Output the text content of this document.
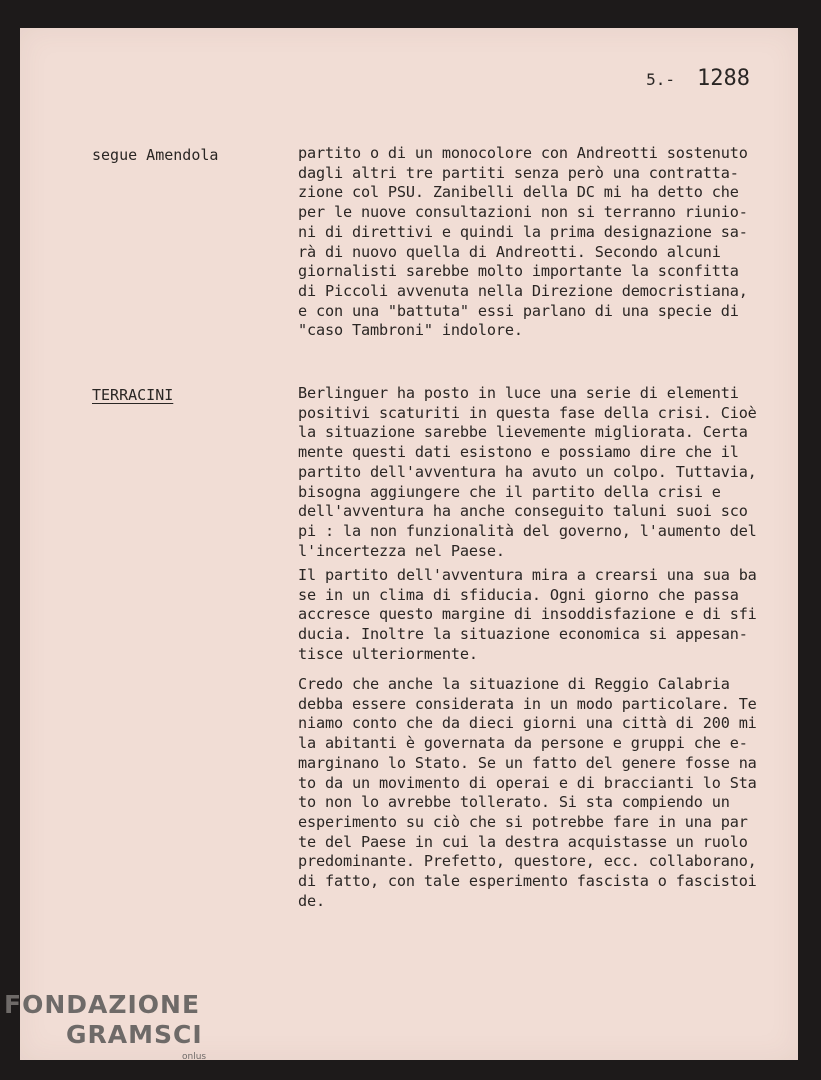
5.- 1288
segue Amendola	partito o di un monocolore con Andreotti sostenuto
dagli altri tre partiti senza però una contratta-
zione col PSU. Zanibelli della DC mi ha detto che
per le nuove consultazioni non si terranno riunio-
ni di direttivi e quindi la prima designazione sa-
rà di nuovo quella di Andreotti. Secondo alcuni
giornalisti sarebbe molto importante la sconfitta
di Piccoli avvenuta nella Direzione democristiana,
e con una "battuta" essi parlano di una specie di
"caso Tambroni" indolore.

TERRACINI	Berlinguer ha posto in luce una serie di elementi
positivi scaturiti in questa fase della crisi. Cioè
la situazione sarebbe lievemente migliorata. Certa
mente questi dati esistono e possiamo dire che il
partito dell'avventura ha avuto un colpo. Tuttavia,
bisogna aggiungere che il partito della crisi e
dell'avventura ha anche conseguito taluni suoi sco
pi : la non funzionalità del governo, l'aumento del
l'incertezza nel Paese.

Il partito dell'avventura mira a crearsi una sua ba
se in un clima di sfiducia. Ogni giorno che passa
accresce questo margine di insoddisfazione e di sfi
ducia. Inoltre la situazione economica si appesan-
tisce ulteriormente.

Credo che anche la situazione di Reggio Calabria
debba essere considerata in un modo particolare. Te
niamo conto che da dieci giorni una città di 200 mi
la abitanti è governata da persone e gruppi che e-
marginano lo Stato. Se un fatto del genere fosse na
to da un movimento di operai e di braccianti lo Sta
to non lo avrebbe tollerato. Si sta compiendo un
esperimento su ciò che si potrebbe fare in una par
te del Paese in cui la destra acquistasse un ruolo
predominante. Prefetto, questore, ecc. collaborano,
di fatto, con tale esperimento fascista o fascistoi
de.

FONDAZIONE
GRAMSCI
onlus
